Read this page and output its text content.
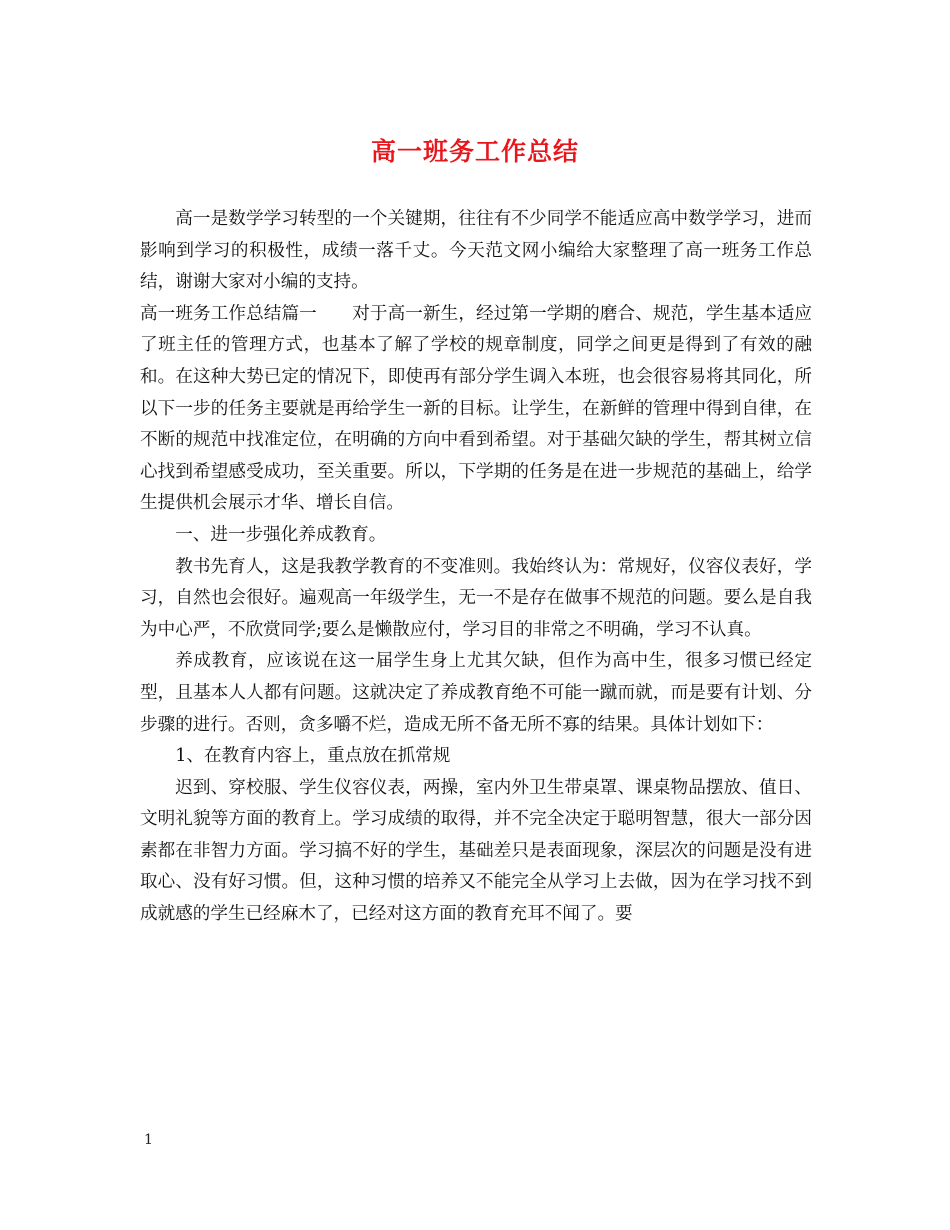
高一班务工作总结

高一是数学学习转型的一个关键期，往往有不少同学不能适应高中数学学习，进而影响到学习的积极性，成绩一落千丈。今天范文网小编给大家整理了高一班务工作总结，谢谢大家对小编的支持。

高一班务工作总结篇一　　对于高一新生，经过第一学期的磨合、规范，学生基本适应了班主任的管理方式，也基本了解了学校的规章制度，同学之间更是得到了有效的融和。在这种大势已定的情况下，即使再有部分学生调入本班，也会很容易将其同化，所以下一步的任务主要就是再给学生一新的目标。让学生，在新鲜的管理中得到自律，在不断的规范中找准定位，在明确的方向中看到希望。对于基础欠缺的学生，帮其树立信心找到希望感受成功，至关重要。所以，下学期的任务是在进一步规范的基础上，给学生提供机会展示才华、增长自信。

一、进一步强化养成教育。

教书先育人，这是我教学教育的不变准则。我始终认为：常规好，仪容仪表好，学习，自然也会很好。遍观高一年级学生，无一不是存在做事不规范的问题。要么是自我为中心严，不欣赏同学;要么是懒散应付，学习目的非常之不明确，学习不认真。

养成教育，应该说在这一届学生身上尤其欠缺，但作为高中生，很多习惯已经定型，且基本人人都有问题。这就决定了养成教育绝不可能一蹴而就，而是要有计划、分步骤的进行。否则，贪多嚼不烂，造成无所不备无所不寡的结果。具体计划如下：

1、在教育内容上，重点放在抓常规

迟到、穿校服、学生仪容仪表，两操，室内外卫生带桌罩、课桌物品摆放、值日、文明礼貌等方面的教育上。学习成绩的取得，并不完全决定于聪明智慧，很大一部分因素都在非智力方面。学习搞不好的学生，基础差只是表面现象，深层次的问题是没有进取心、没有好习惯。但，这种习惯的培养又不能完全从学习上去做，因为在学习找不到成就感的学生已经麻木了，已经对这方面的教育充耳不闻了。要

1
